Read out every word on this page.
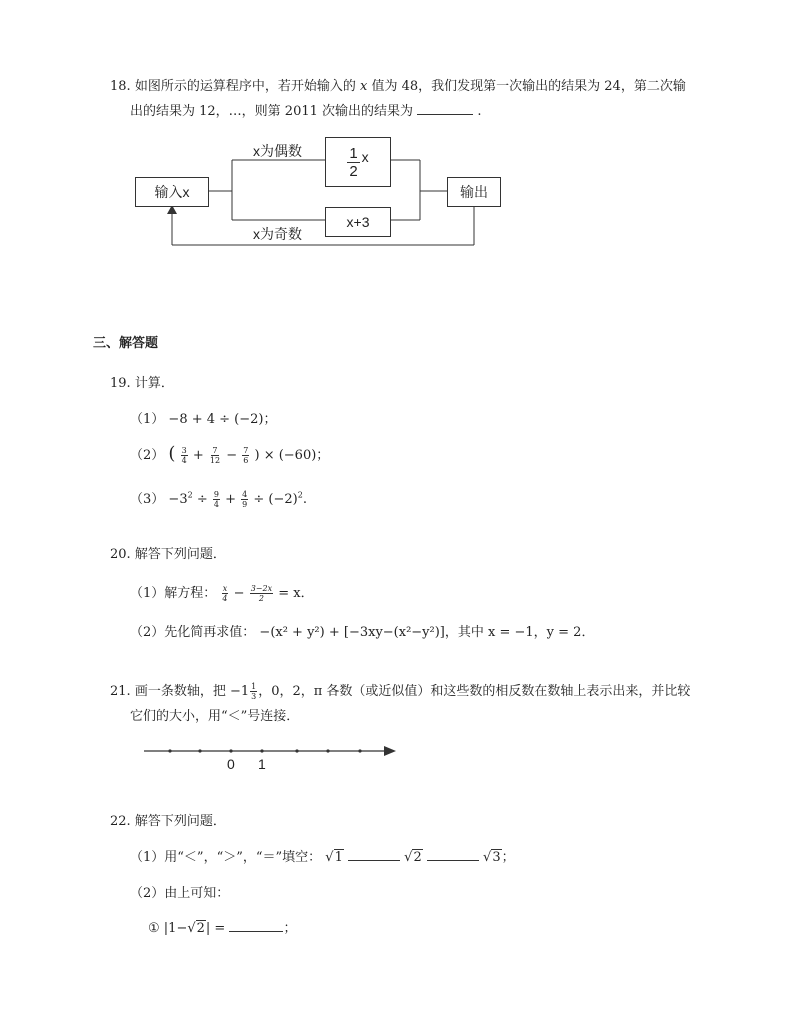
18. 如图所示的运算程序中，若开始输入的 x 值为 48，我们发现第一次输出的结果为 24，第二次输
出的结果为 12，…，则第 2011 次输出的结果为	.
输入x
x为偶数
x为奇数
$\frac{1}{2}$ x
x+3
输出
三、解答题
19. 计算．
（1） −8 + 4 ÷ (−2)；
（2） ( $\frac{3}{4} + \frac{7}{12} - \frac{7}{6}$ ) × (−60)；
$(3) -3^2 \div \frac{9}{4} + \frac{4}{9} \div (-2)^2$.
20. 解答下列问题．
（1）解方程： $\frac{x}{4} - \frac{3-2x}{2} = x$．
（2）先化简再求值： −(x² + y²) + [−3xy−(x²−y²)]，其中 x = −1，y = 2．
21. 画一条数轴，把 $-1 \frac{1}{3}$ ，0，2，π 各数（或近似值）和这些数的相反数在数轴上表示出来，并比较
它们的大小，用“＜”号连接．
0 1
22. 解答下列问题．
（1）用“＜”，“＞”，“＝”填空： √1	√2	√3；
（2）由上可知：
① |1−√2| =	；
